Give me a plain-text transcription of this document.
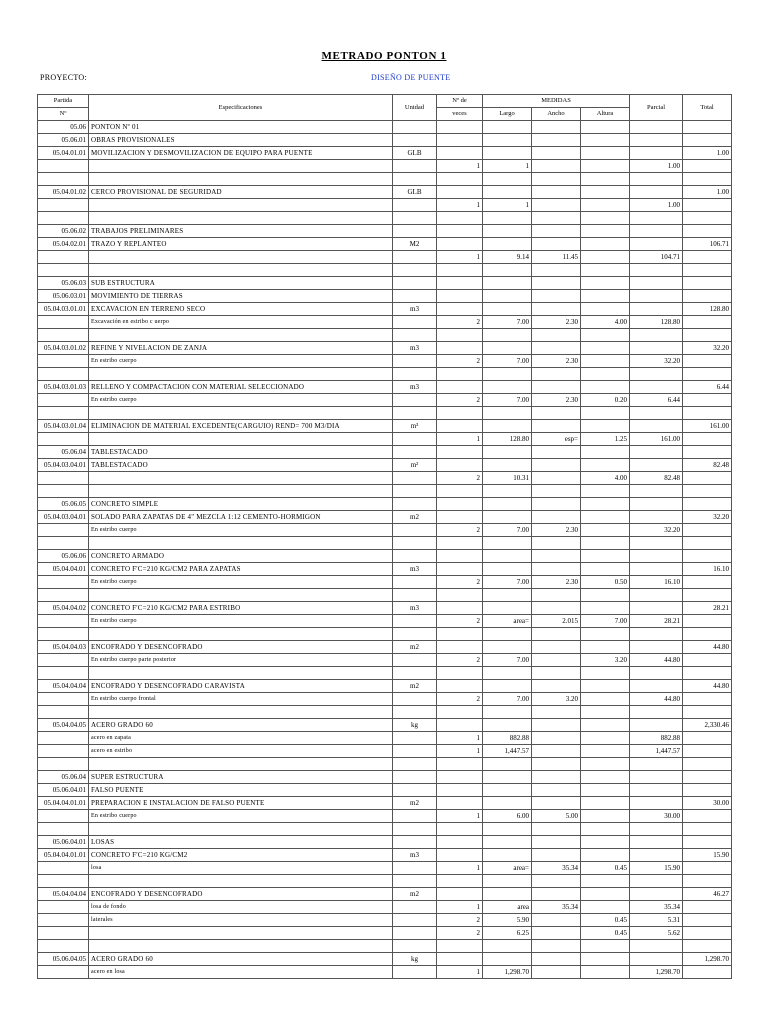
METRADO PONTON 1
PROYECTO:	DISEÑO DE PUENTE
Partida	Especificaciones	Unidad	Nº de	MEDIDAS			Parcial	Total
Nº			veces	Largo	Ancho	Altura		
05.06	PONTON Nº 01							
05.06.01	OBRAS PROVISIONALES							
05.04.01.01	MOVILIZACION Y DESMOVILIZACION DE EQUIPO PARA PUENTE	GLB						1.00
			1	1			1.00	

05.04.01.02	CERCO PROVISIONAL DE SEGURIDAD	GLB						1.00
			1	1			1.00	

05.06.02	TRABAJOS PRELIMINARES							
05.04.02.01	TRAZO Y REPLANTEO	M2						106.71
			1	9.14	11.45		104.71	

05.06.03	SUB ESTRUCTURA							
05.06.03.01	MOVIMIENTO DE TIERRAS							
05.04.03.01.01	EXCAVACION EN TERRENO SECO	m3						128.80
	Excavación en estribo c uerpo		2	7.00	2.30	4.00	128.80	

05.04.03.01.02	REFINE Y NIVELACION DE ZANJA	m3						32.20
	En estribo cuerpo		2	7.00	2.30		32.20	

05.04.03.01.03	RELLENO Y COMPACTACION CON MATERIAL SELECCIONADO	m3						6.44
	En estribo cuerpo		2	7.00	2.30	0.20	6.44	

05.04.03.01.04	ELIMINACION DE MATERIAL EXCEDENTE(CARGUIO) REND= 700 M3/DIA	m³						161.00
			1	128.80	esp=	1.25	161.00	
05.06.04	TABLESTACADO							
05.04.03.04.01	TABLESTACADO	m²						82.48
			2	10.31		4.00	82.48	

05.06.05	CONCRETO SIMPLE							
05.04.03.04.01	SOLADO PARA ZAPATAS DE 4" MEZCLA 1:12 CEMENTO-HORMIGON	m2						32.20
	En estribo cuerpo		2	7.00	2.30		32.20	

05.06.06	CONCRETO ARMADO							
05.04.04.01	CONCRETO F'C=210 KG/CM2 PARA ZAPATAS	m3						16.10
	En estribo cuerpo		2	7.00	2.30	0.50	16.10	

05.04.04.02	CONCRETO F'C=210 KG/CM2 PARA ESTRIBO	m3						28.21
	En estribo cuerpo		2	area=	2.015	7.00	28.21	

05.04.04.03	ENCOFRADO Y DESENCOFRADO	m2						44.80
	En estribo cuerpo parte posterior		2	7.00		3.20	44.80	

05.04.04.04	ENCOFRADO Y DESENCOFRADO CARAVISTA	m2						44.80
	En estribo cuerpo frontal		2	7.00	3.20		44.80	

05.04.04.05	ACERO GRADO 60	kg						2,330.46
	acero en zapata		1	882.88			882.88	
	acero en estribo		1	1,447.57			1,447.57	

05.06.04	SUPER ESTRUCTURA							
05.06.04.01	FALSO PUENTE							
05.04.04.01.01	PREPARACION E INSTALACION DE FALSO PUENTE	m2						30.00
	En estribo cuerpo		1	6.00	5.00		30.00	

05.06.04.01	LOSAS							
05.04.04.01.01	CONCRETO F'C=210 KG/CM2	m3						15.90
	losa		1	area=	35.34	0.45	15.90	

05.04.04.04	ENCOFRADO Y DESENCOFRADO	m2						46.27
	losa de fondo		1	area	35.34		35.34	
	laterales		2	5.90		0.45	5.31	
			2	6.25		0.45	5.62	

05.06.04.05	ACERO GRADO 60	kg						1,298.70
	acero en losa		1	1,298.70			1,298.70	
